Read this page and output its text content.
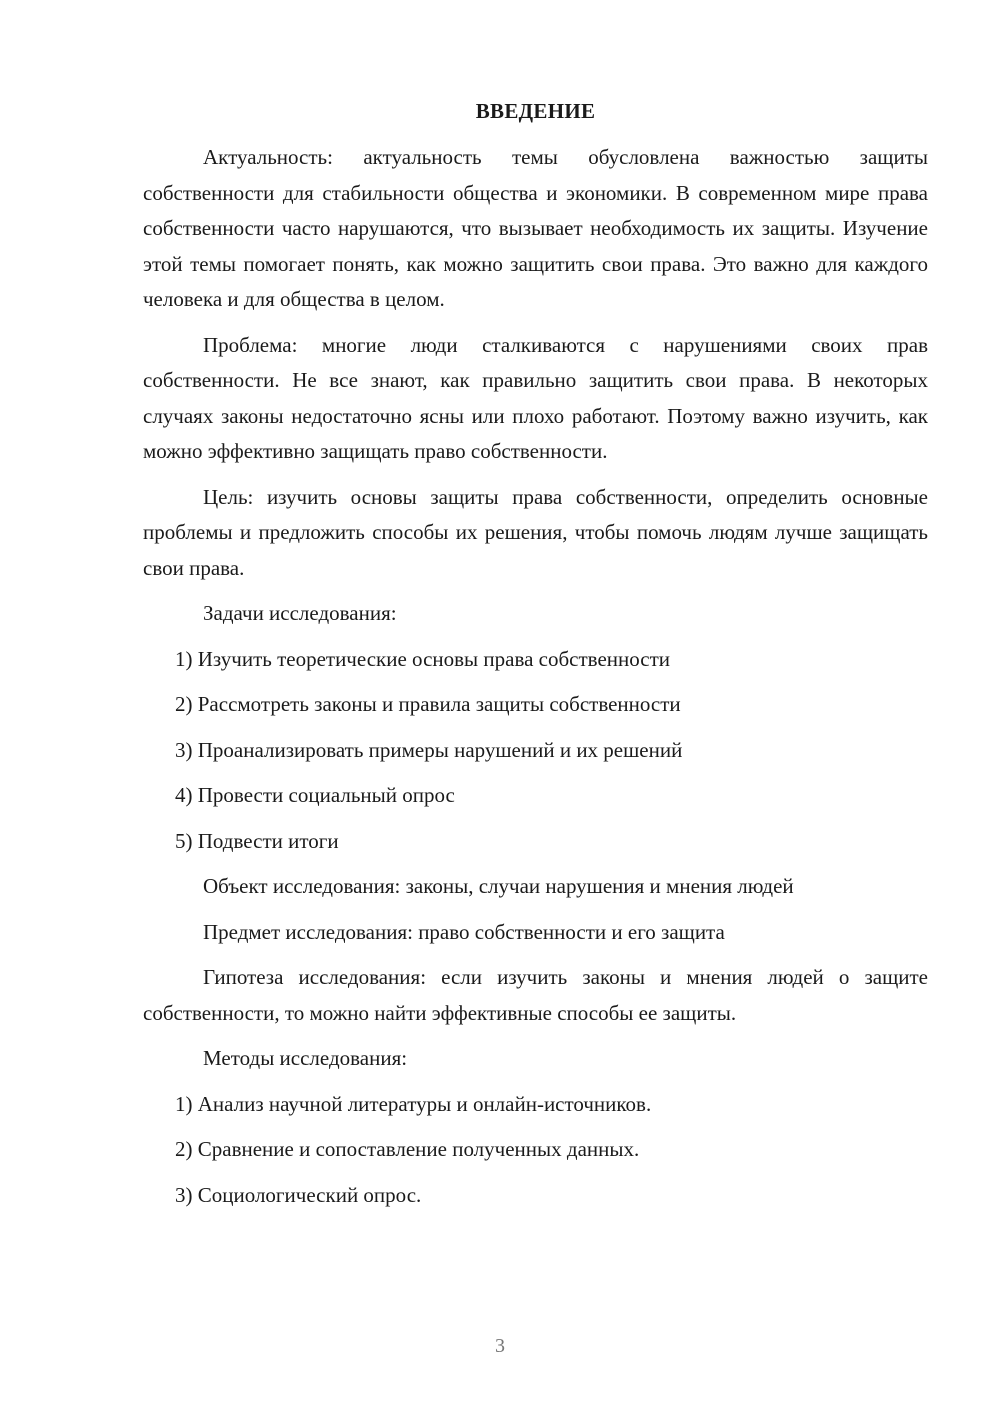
ВВЕДЕНИЕ

Актуальность: актуальность темы обусловлена важностью защиты собственности для стабильности общества и экономики. В современном мире права собственности часто нарушаются, что вызывает необходимость их защиты. Изучение этой темы помогает понять, как можно защитить свои права. Это важно для каждого человека и для общества в целом.

Проблема: многие люди сталкиваются с нарушениями своих прав собственности. Не все знают, как правильно защитить свои права. В некоторых случаях законы недостаточно ясны или плохо работают. Поэтому важно изучить, как можно эффективно защищать право собственности.

Цель: изучить основы защиты права собственности, определить основные проблемы и предложить способы их решения, чтобы помочь людям лучше защищать свои права.

Задачи исследования:
1) Изучить теоретические основы права собственности
2) Рассмотреть законы и правила защиты собственности
3) Проанализировать примеры нарушений и их решений
4) Провести социальный опрос
5) Подвести итоги
Объект исследования: законы, случаи нарушения и мнения людей
Предмет исследования: право собственности и его защита

Гипотеза исследования: если изучить законы и мнения людей о защите собственности, то можно найти эффективные способы ее защиты.

Методы исследования:
1) Анализ научной литературы и онлайн-источников.
2) Сравнение и сопоставление полученных данных.
3) Социологический опрос.
3
